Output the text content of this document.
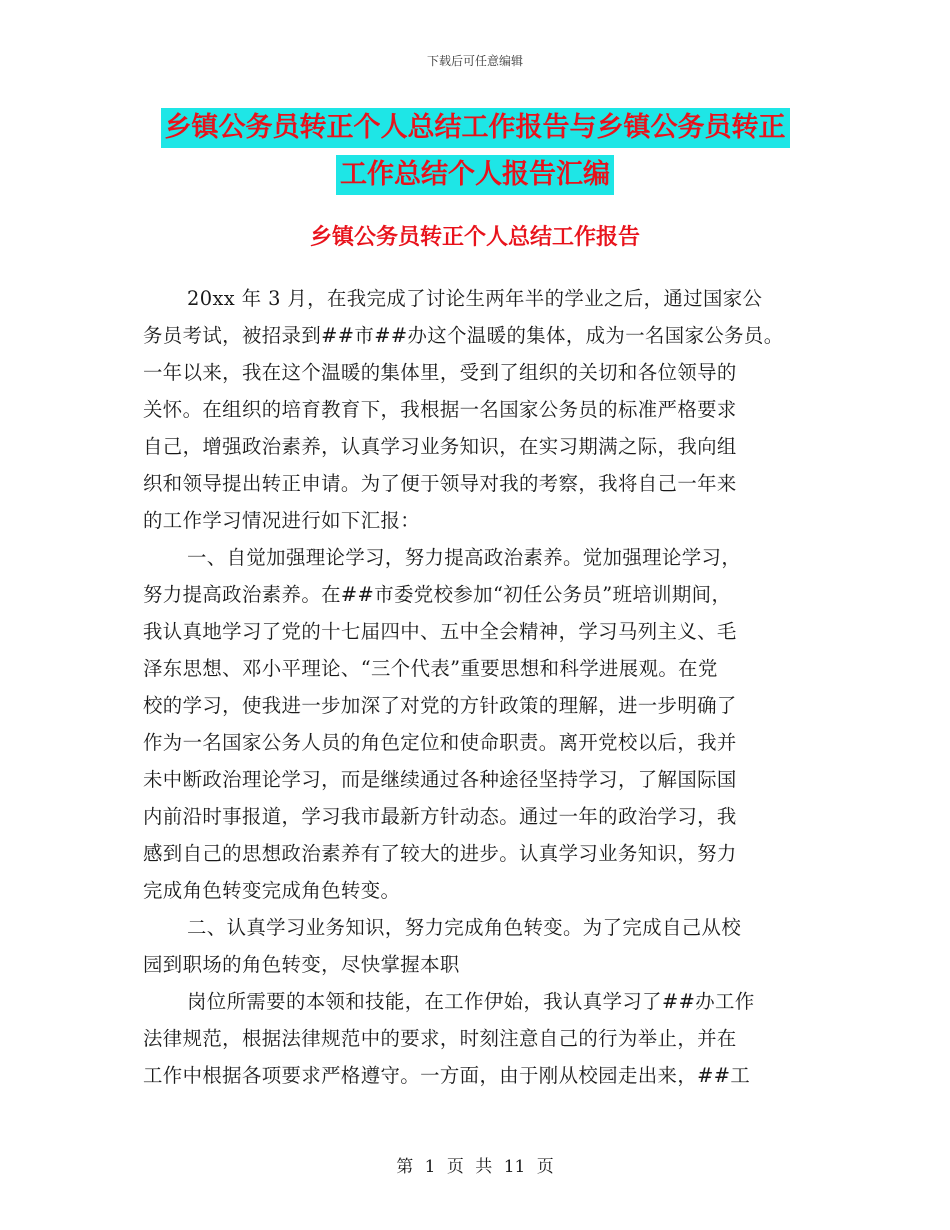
下载后可任意编辑
乡镇公务员转正个人总结工作报告与乡镇公务员转正
工作总结个人报告汇编
乡镇公务员转正个人总结工作报告
20xx 年 3 月，在我完成了讨论生两年半的学业之后，通过国家公
务员考试，被招录到##市##办这个温暖的集体，成为一名国家公务员。
一年以来，我在这个温暖的集体里，受到了组织的关切和各位领导的
关怀。在组织的培育教育下，我根据一名国家公务员的标准严格要求
自己，增强政治素养，认真学习业务知识，在实习期满之际，我向组
织和领导提出转正申请。为了便于领导对我的考察，我将自己一年来
的工作学习情况进行如下汇报：
一、自觉加强理论学习，努力提高政治素养。觉加强理论学习，
努力提高政治素养。在##市委党校参加“初任公务员”班培训期间，
我认真地学习了党的十七届四中、五中全会精神，学习马列主义、毛
泽东思想、邓小平理论、“三个代表”重要思想和科学进展观。在党
校的学习，使我进一步加深了对党的方针政策的理解，进一步明确了
作为一名国家公务人员的角色定位和使命职责。离开党校以后，我并
未中断政治理论学习，而是继续通过各种途径坚持学习，了解国际国
内前沿时事报道，学习我市最新方针动态。通过一年的政治学习，我
感到自己的思想政治素养有了较大的进步。认真学习业务知识，努力
完成角色转变完成角色转变。
二、认真学习业务知识，努力完成角色转变。为了完成自己从校
园到职场的角色转变，尽快掌握本职
岗位所需要的本领和技能，在工作伊始，我认真学习了##办工作
法律规范，根据法律规范中的要求，时刻注意自己的行为举止，并在
工作中根据各项要求严格遵守。一方面，由于刚从校园走出来，##工
第 1 页 共 11 页
